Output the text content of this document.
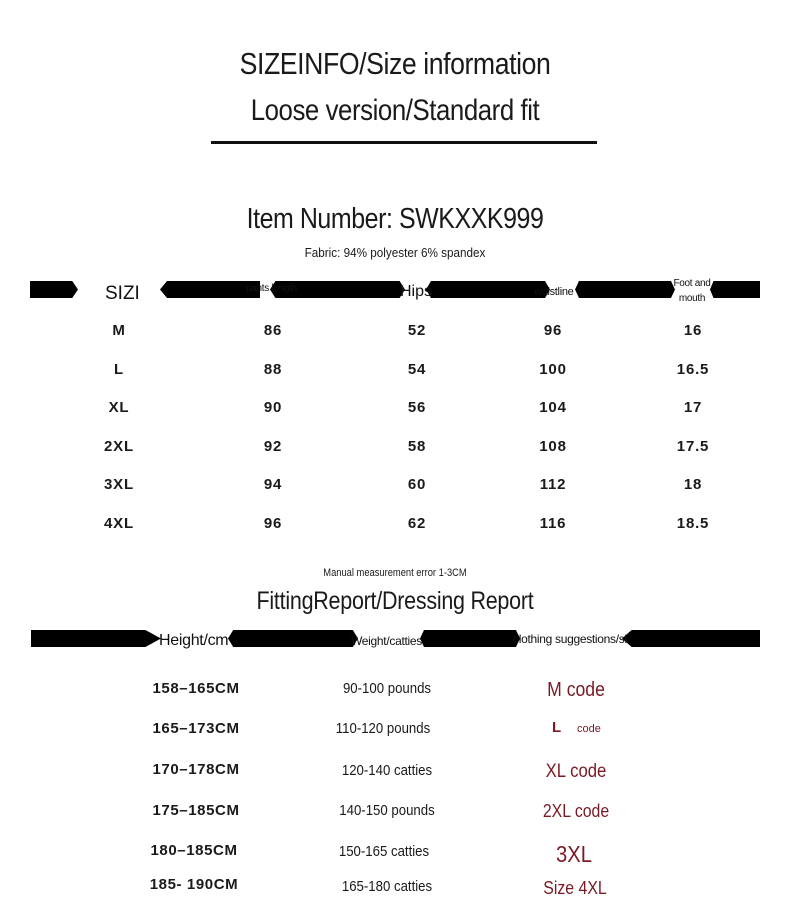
SIZEINFO/Size information
Loose version/Standard fit
Item Number: SWKXXK999
Fabric: 94% polyester 6% spandex
SIZI	pants length	Hips	waistline
Foot and
mouth
M	86	52	96	16
L	88	54	100	16.5
XL	90	56	104	17
2XL	92	58	108	17.5
3XL	94	60	112	18
4XL	96	62	116	18.5
Manual measurement error 1-3CM
FittingReport/Dressing Report
Height/cm	Weight/catties	clothing suggestions/si
158–165CM	90-100 pounds	M code
165–173CM	110-120 pounds	L code
170–178CM	120-140 catties	XL code
175–185CM	140-150 pounds	2XL code
180–185CM	150-165 catties	3XL
185- 190CM	165-180 catties	Size 4XL
